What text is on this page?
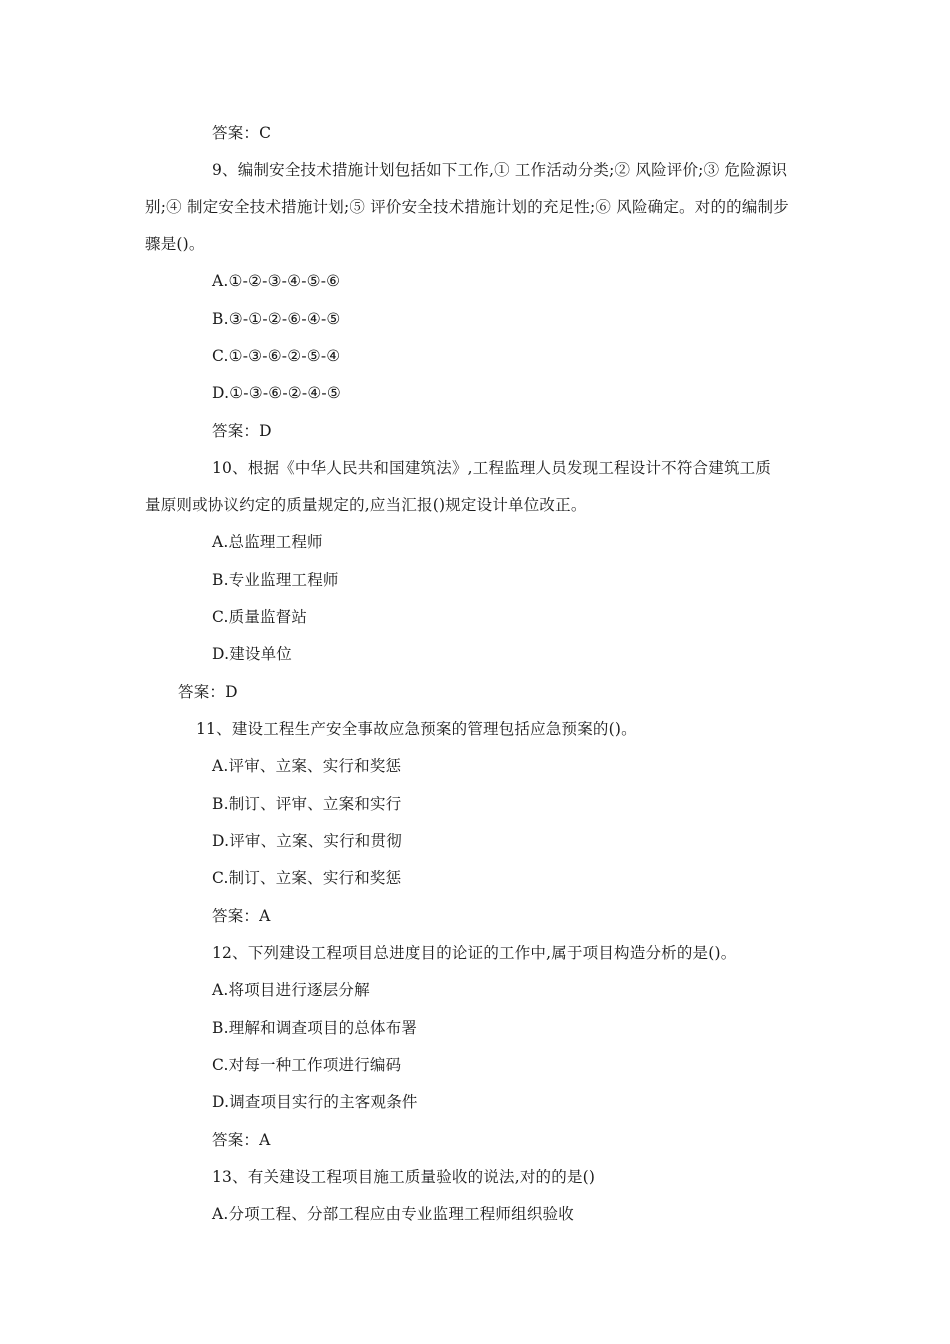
答案：C
9、编制安全技术措施计划包括如下工作,① 工作活动分类;② 风险评价;③ 危险源识
别;④ 制定安全技术措施计划;⑤ 评价安全技术措施计划的充足性;⑥ 风险确定。对的的编制步
骤是()。
A.①-②-③-④-⑤-⑥
B.③-①-②-⑥-④-⑤
C.①-③-⑥-②-⑤-④
D.①-③-⑥-②-④-⑤
答案：D
10、根据《中华人民共和国建筑法》,工程监理人员发现工程设计不符合建筑工质
量原则或协议约定的质量规定的,应当汇报()规定设计单位改正。
A.总监理工程师
B.专业监理工程师
C.质量监督站
D.建设单位
答案：D
11、建设工程生产安全事故应急预案的管理包括应急预案的()。
A.评审、立案、实行和奖惩
B.制订、评审、立案和实行
D.评审、立案、实行和贯彻
C.制订、立案、实行和奖惩
答案：A
12、下列建设工程项目总进度目的论证的工作中,属于项目构造分析的是()。
A.将项目进行逐层分解
B.理解和调查项目的总体布署
C.对每一种工作项进行编码
D.调查项目实行的主客观条件
答案：A
13、有关建设工程项目施工质量验收的说法,对的的是()
A.分项工程、分部工程应由专业监理工程师组织验收
